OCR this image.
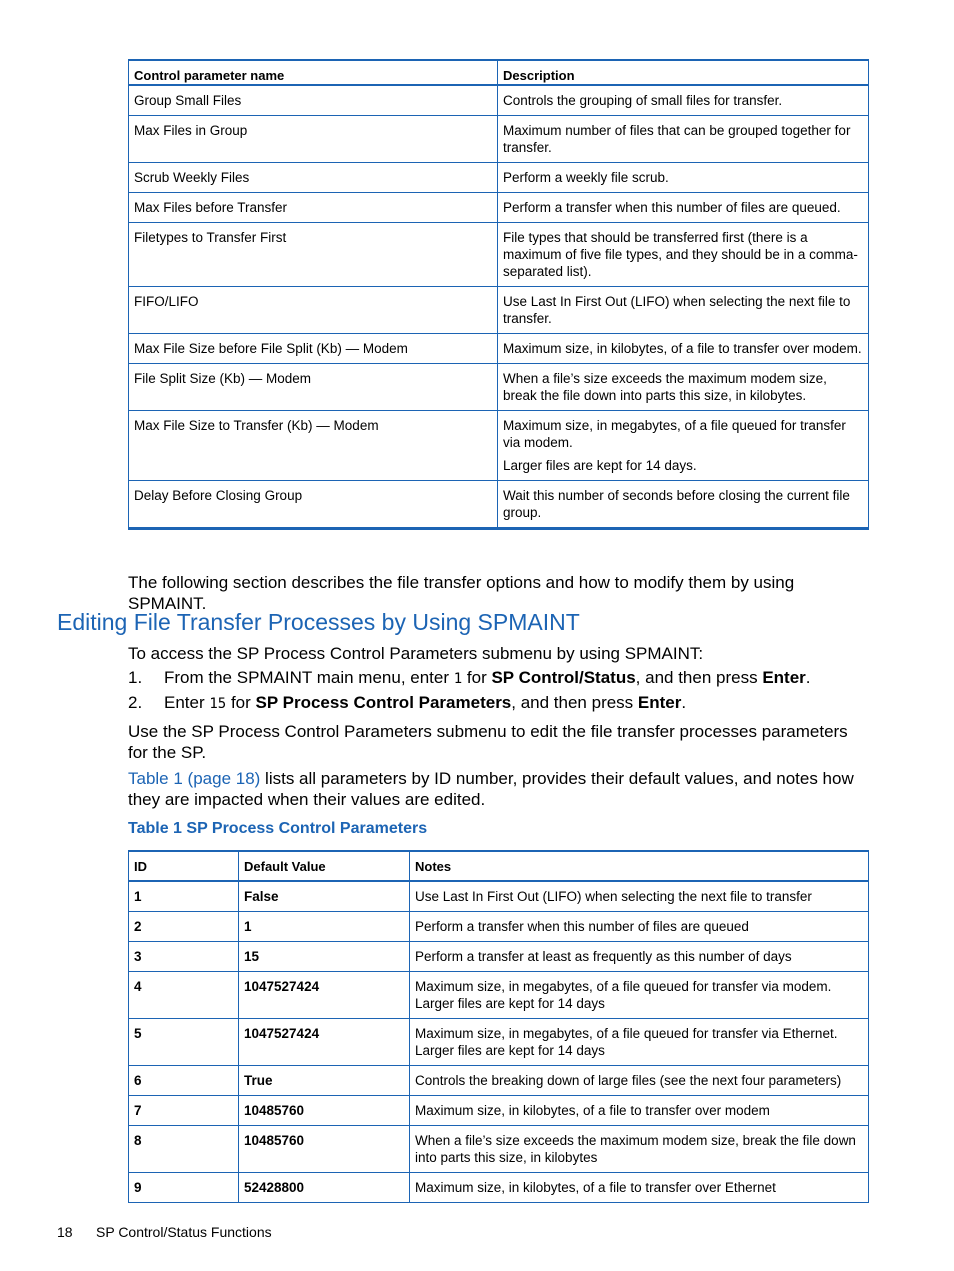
Control parameter name	Description
Group Small Files	Controls the grouping of small files for transfer.

Max Files in Group	Maximum number of files that can be grouped together for transfer.

Scrub Weekly Files	Perform a weekly file scrub.

Max Files before Transfer	Perform a transfer when this number of files are queued.

Filetypes to Transfer First	File types that should be transferred first (there is a maximum of five file types, and they should be in a comma-separated list).

FIFO/LIFO	Use Last In First Out (LIFO) when selecting the next file to transfer.

Max File Size before File Split (Kb) — Modem	Maximum size, in kilobytes, of a file to transfer over modem.

File Split Size (Kb) — Modem	When a file’s size exceeds the maximum modem size, break the file down into parts this size, in kilobytes.

Max File Size to Transfer (Kb) — Modem	Maximum size, in megabytes, of a file queued for transfer via modem.

Larger files are kept for 14 days.

Delay Before Closing Group	Wait this number of seconds before closing the current file group.

The following section describes the file transfer options and how to modify them by using SPMAINT.

Editing File Transfer Processes by Using SPMAINT

To access the SP Process Control Parameters submenu by using SPMAINT:

1. From the SPMAINT main menu, enter 1 for SP Control/Status, and then press Enter.
2. Enter 15 for SP Process Control Parameters, and then press Enter.

Use the SP Process Control Parameters submenu to edit the file transfer processes parameters for the SP.

Table 1 (page 18) lists all parameters by ID number, provides their default values, and notes how they are impacted when their values are edited.

Table 1 SP Process Control Parameters

ID	Default Value	Notes
1	False	Use Last In First Out (LIFO) when selecting the next file to transfer
2	1	Perform a transfer when this number of files are queued
3	15	Perform a transfer at least as frequently as this number of days
4	1047527424	Maximum size, in megabytes, of a file queued for transfer via modem. Larger files are kept for 14 days
5	1047527424	Maximum size, in megabytes, of a file queued for transfer via Ethernet. Larger files are kept for 14 days
6	True	Controls the breaking down of large files (see the next four parameters)
7	10485760	Maximum size, in kilobytes, of a file to transfer over modem
8	10485760	When a file’s size exceeds the maximum modem size, break the file down into parts this size, in kilobytes
9	52428800	Maximum size, in kilobytes, of a file to transfer over Ethernet
18 SP Control/Status Functions
